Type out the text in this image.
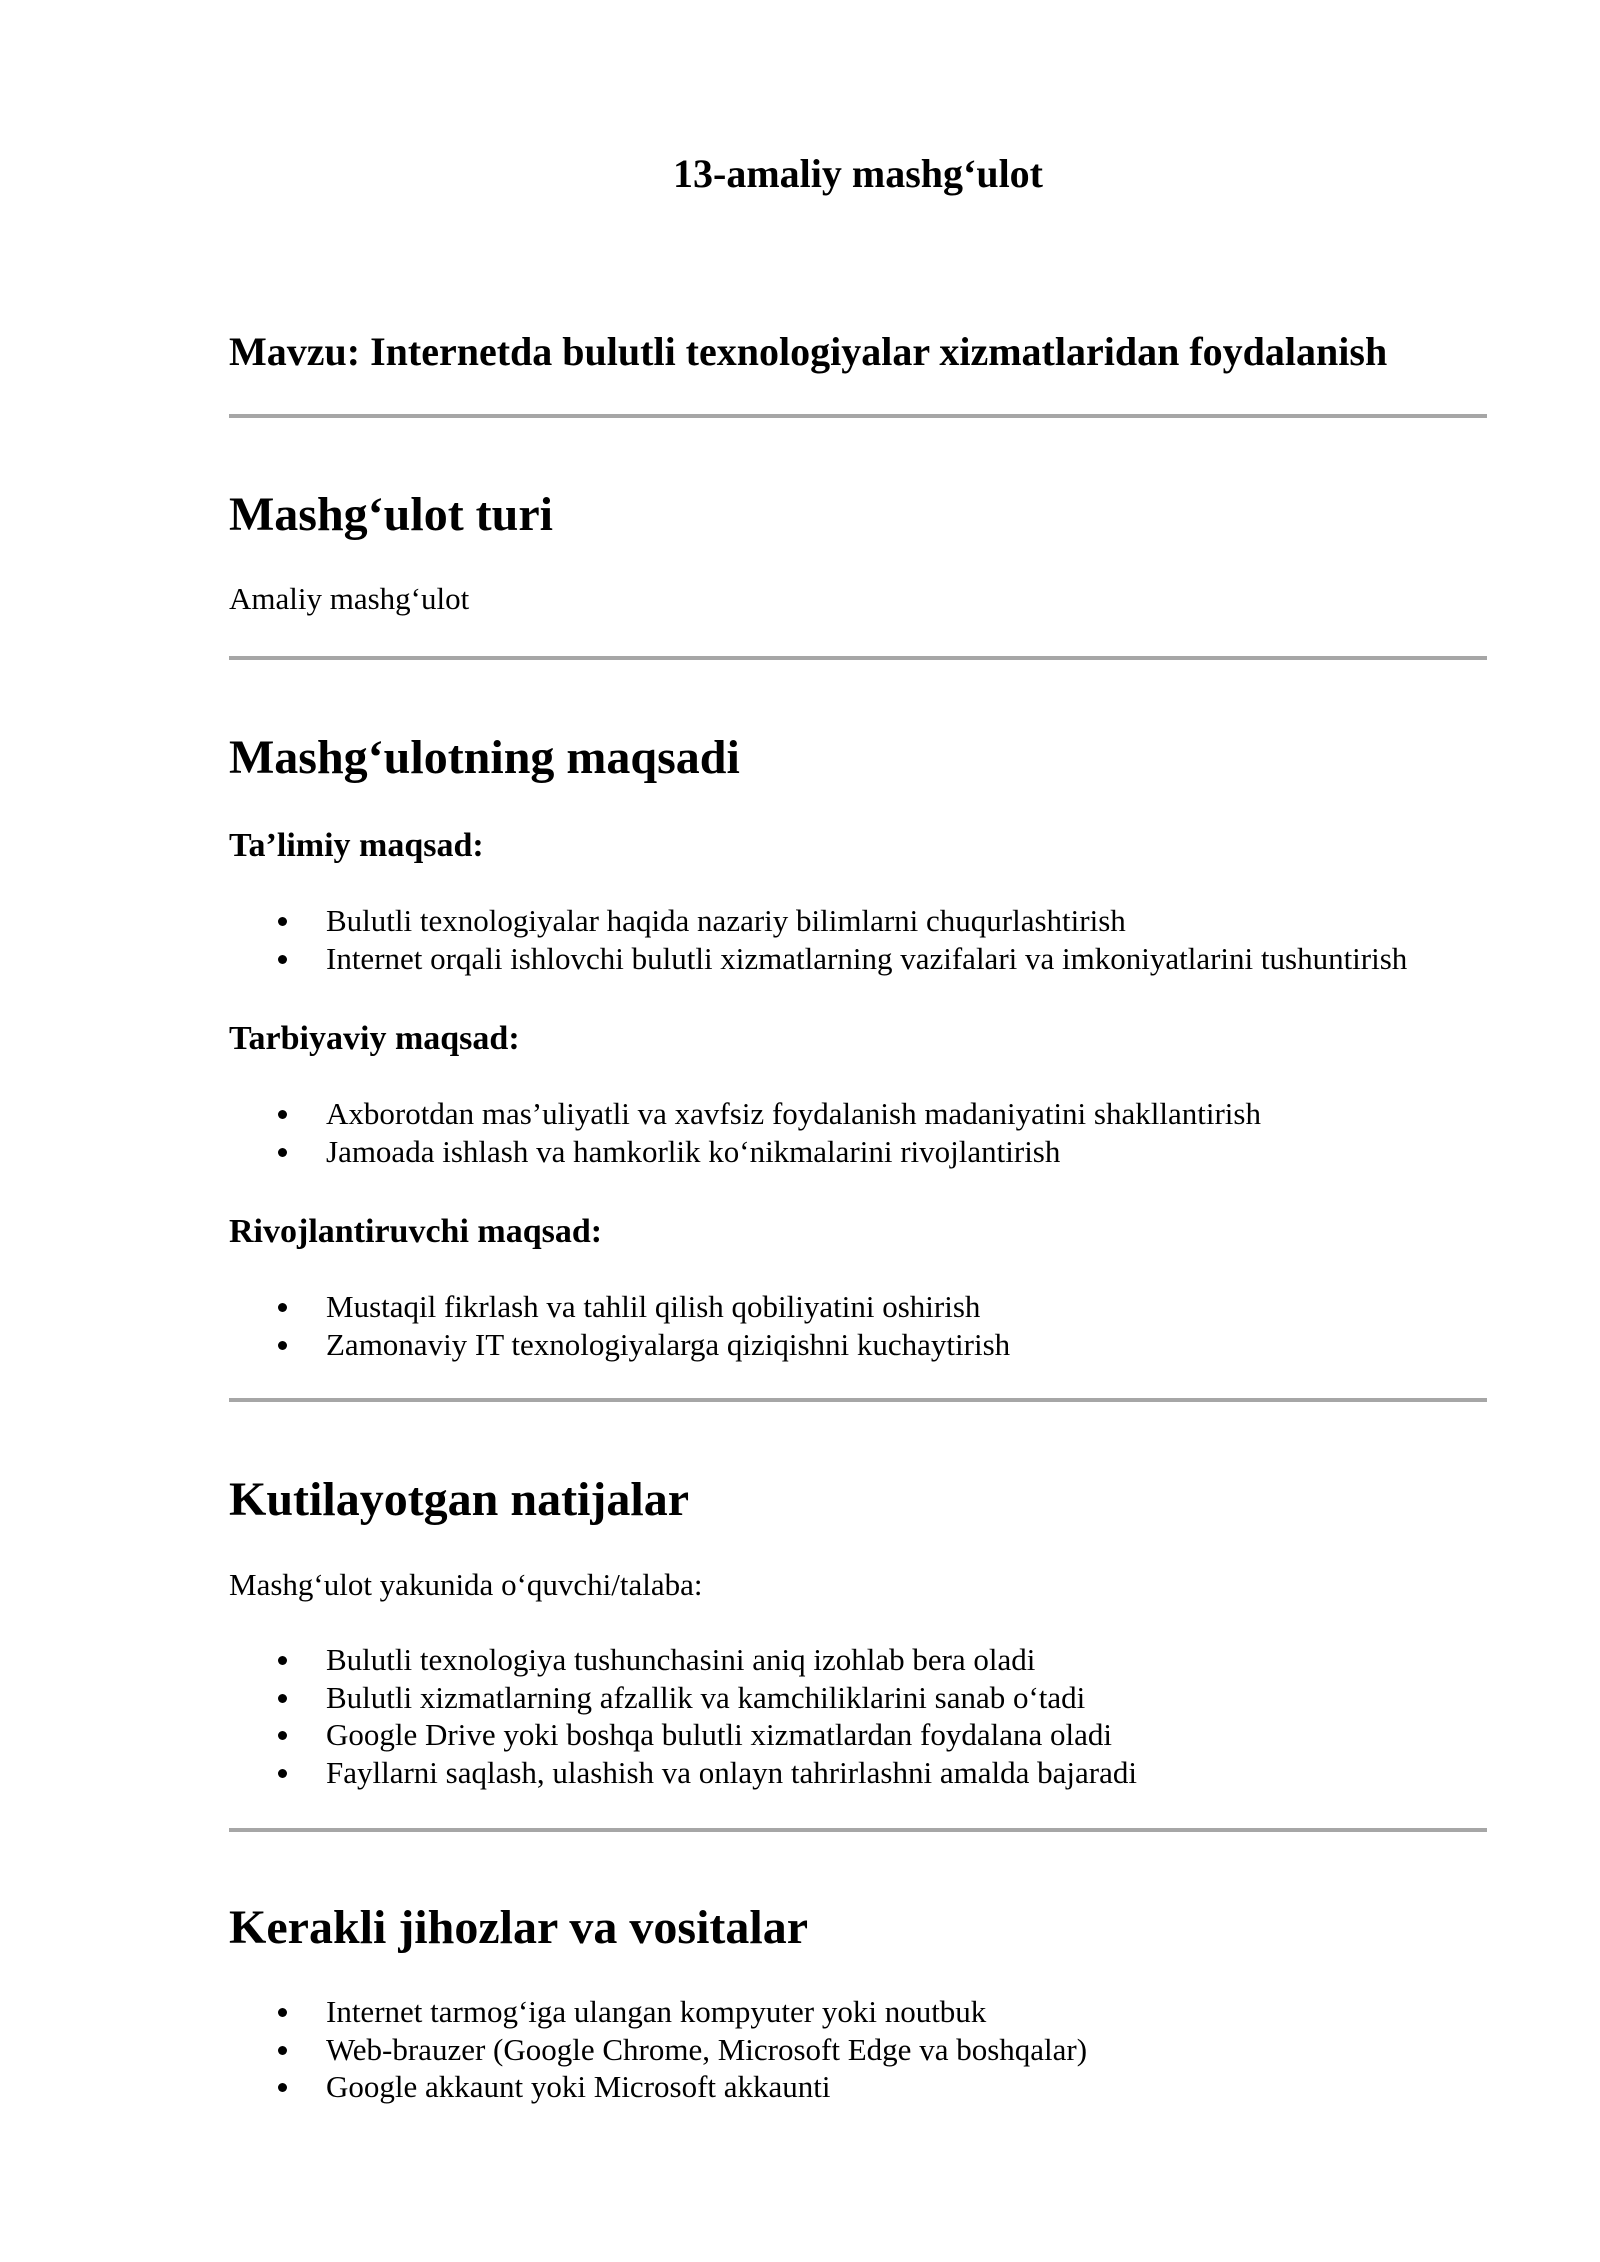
13-amaliy mashg‘ulot
Mavzu: Internetda bulutli texnologiyalar xizmatlaridan foydalanish
Mashg‘ulot turi

Amaliy mashg‘ulot

Mashg‘ulotning maqsadi
Ta’limiy maqsad:
Bulutli texnologiyalar haqida nazariy bilimlarni chuqurlashtirish
Internet orqali ishlovchi bulutli xizmatlarning vazifalari va imkoniyatlarini tushuntirish
Tarbiyaviy maqsad:
Axborotdan mas’uliyatli va xavfsiz foydalanish madaniyatini shakllantirish
Jamoada ishlash va hamkorlik ko‘nikmalarini rivojlantirish
Rivojlantiruvchi maqsad:
Mustaqil fikrlash va tahlil qilish qobiliyatini oshirish
Zamonaviy IT texnologiyalarga qiziqishni kuchaytirish
Kutilayotgan natijalar

Mashg‘ulot yakunida o‘quvchi/talaba:

Bulutli texnologiya tushunchasini aniq izohlab bera oladi
Bulutli xizmatlarning afzallik va kamchiliklarini sanab o‘tadi
Google Drive yoki boshqa bulutli xizmatlardan foydalana oladi
Fayllarni saqlash, ulashish va onlayn tahrirlashni amalda bajaradi
Kerakli jihozlar va vositalar
Internet tarmog‘iga ulangan kompyuter yoki noutbuk
Web-brauzer (Google Chrome, Microsoft Edge va boshqalar)
Google akkaunt yoki Microsoft akkaunti
